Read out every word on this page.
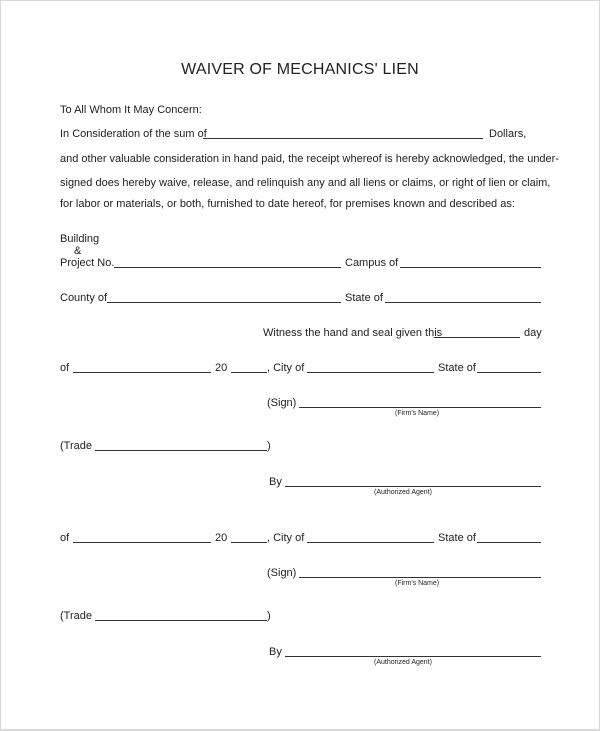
WAIVER OF MECHANICS' LIEN
To All Whom It May Concern:
In Consideration of the sum of	Dollars,
and other valuable consideration in hand paid, the receipt whereof is hereby acknowledged, the under-
signed does hereby waive, release, and relinquish any and all liens or claims, or right of lien or claim,
for labor or materials, or both, furnished to date hereof, for premises known and described as:
Building
&
Project No.	Campus of
County of	State of
Witness the hand and seal given this	day
of	20	, City of	State of
(Sign)
(Firm's Name)
(Trade	)
By
(Authorized Agent)
of	20	, City of	State of
(Sign)
(Firm's Name)
(Trade	)
By
(Authorized Agent)
